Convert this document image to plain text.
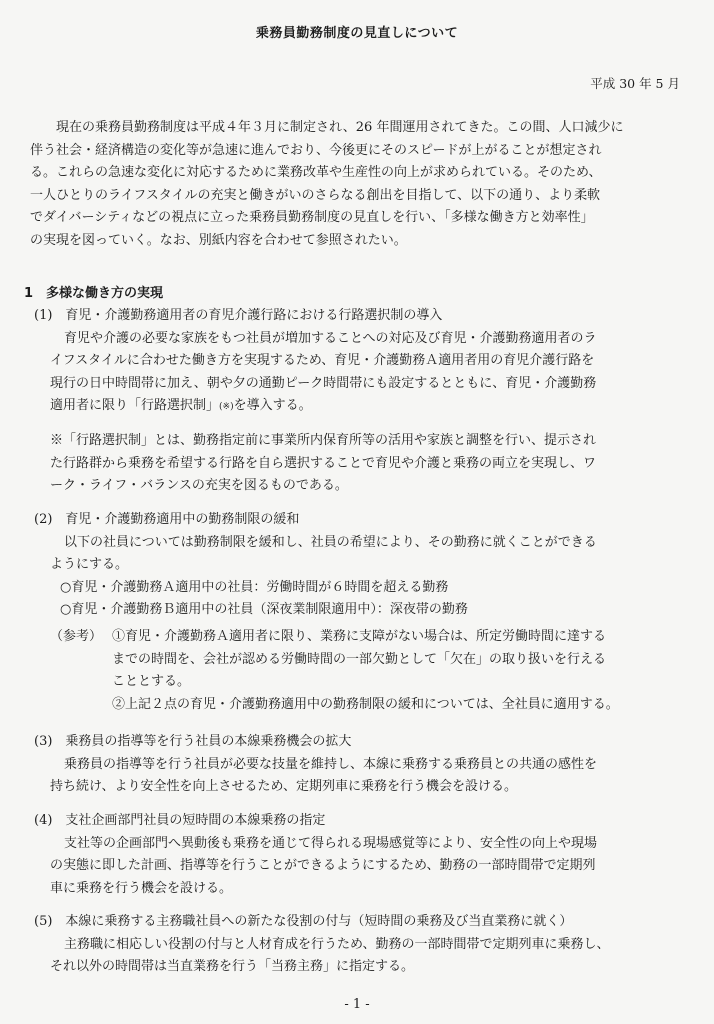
乗務員勤務制度の見直しについて
平成 30 年 5 月
現在の乗務員勤務制度は平成４年３月に制定され、26 年間運用されてきた。この間、人口減少に
伴う社会・経済構造の変化等が急速に進んでおり、今後更にそのスピードが上がることが想定され
る。これらの急速な変化に対応するために業務改革や生産性の向上が求められている。そのため、
一人ひとりのライフスタイルの充実と働きがいのさらなる創出を目指して、以下の通り、より柔軟
でダイバーシティなどの視点に立った乗務員勤務制度の見直しを行い、「多様な働き方と効率性」
の実現を図っていく。なお、別紙内容を合わせて参照されたい。
1　多様な働き方の実現
(1)　育児・介護勤務適用者の育児介護行路における行路選択制の導入
育児や介護の必要な家族をもつ社員が増加することへの対応及び育児・介護勤務適用者のラ
イフスタイルに合わせた働き方を実現するため、育児・介護勤務Ａ適用者用の育児介護行路を
現行の日中時間帯に加え、朝や夕の通勤ピーク時間帯にも設定するとともに、育児・介護勤務
適用者に限り「行路選択制」(※)を導入する。
※「行路選択制」とは、勤務指定前に事業所内保育所等の活用や家族と調整を行い、提示され
た行路群から乗務を希望する行路を自ら選択することで育児や介護と乗務の両立を実現し、ワ
ーク・ライフ・バランスの充実を図るものである。
(2)　育児・介護勤務適用中の勤務制限の緩和
以下の社員については勤務制限を緩和し、社員の希望により、その勤務に就くことができる
ようにする。
○育児・介護勤務Ａ適用中の社員：労働時間が６時間を超える勤務
○育児・介護勤務Ｂ適用中の社員（深夜業制限適用中）：深夜帯の勤務
（参考） ①育児・介護勤務Ａ適用者に限り、業務に支障がない場合は、所定労働時間に達する
までの時間を、会社が認める労働時間の一部欠勤として「欠在」の取り扱いを行える
こととする。
②上記２点の育児・介護勤務適用中の勤務制限の緩和については、全社員に適用する。
(3)　乗務員の指導等を行う社員の本線乗務機会の拡大
乗務員の指導等を行う社員が必要な技量を維持し、本線に乗務する乗務員との共通の感性を
持ち続け、より安全性を向上させるため、定期列車に乗務を行う機会を設ける。
(4)　支社企画部門社員の短時間の本線乗務の指定
支社等の企画部門へ異動後も乗務を通じて得られる現場感覚等により、安全性の向上や現場
の実態に即した計画、指導等を行うことができるようにするため、勤務の一部時間帯で定期列
車に乗務を行う機会を設ける。
(5)　本線に乗務する主務職社員への新たな役割の付与（短時間の乗務及び当直業務に就く）
主務職に相応しい役割の付与と人材育成を行うため、勤務の一部時間帯で定期列車に乗務し、
それ以外の時間帯は当直業務を行う「当務主務」に指定する。
- 1 -
